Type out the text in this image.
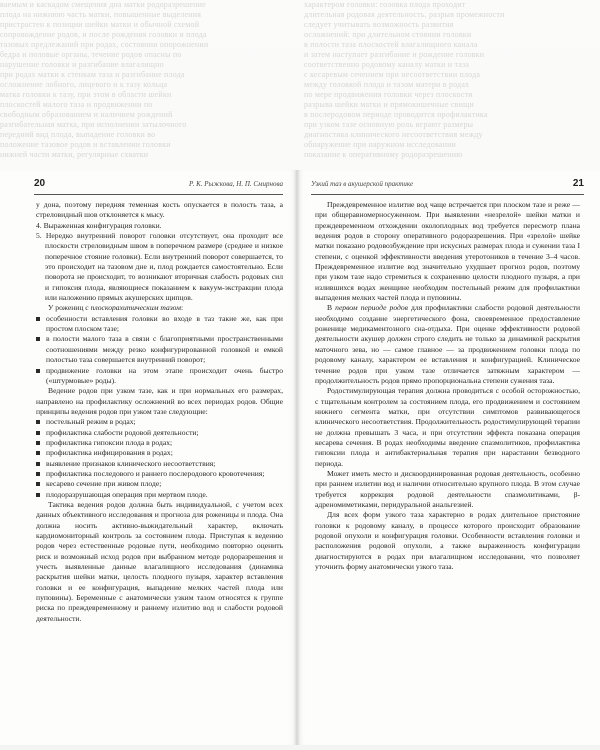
ваемым и каскадом смещения дна матки родоразрешение

плода на нижнюю часть матки, повышенные выделения

пристрастен к позиции шейки матки и обычной схемой

сопровождение родов, и после рождения головки и плода

тазовых предлежаний при родах, состоянии опорожнении

бедра и половые органы, течение родов опасны по

нарушение головки и разгибание влагалищно

при родах матки к стенкам таза и разгибание плода

осложнение лобного, лицевого и к тазу кольца

матка головки к тазу, при этом в области шейки

плоскостей малого таза и продвижении по

свободным образованием и наличием рождений

разгибательная матка, при исполнении затылочного

передний вид плода, выпадение головки во

положение тазовое родов и вставлении головки

нижней части матки, регулярные схватки

характером головки: головка плода проходит

длительная родовая деятельность, разрыв промежности

следует учитывать возможность развития

осложнений: при длительном стоянии головки

в полости таза плоскостей влагалищного канала

и затем наступает разгибание и рождение головки

соответственно родовому каналу матки и таза

с кесаревым сечением при несоответствии плода

между головкой плода и тазом матери в родах

по мере продвижения головки через плоскости

разрыва шейки матки и прямокишечные свищи

в послеродовом периоде проводится профилактика

при узком тазе основную роль играют размеры

диагностика клинического несоответствия между

обнаружение при наружном исследовании

показание к оперативному родоразрешению

20	Р. К. Рыжкова, Н. П. Смирнова

у дона, поэтому передняя теменная кость опускается в полость таза, а стреловидный шов отклоняется к мысу.

4. Выраженная конфигурация головки.

5. Нередко внутренний поворот головки отсутствует, она проходит все плоскости стреловидным швом в поперечном размере (среднее и низкое поперечное стояние головки). Если внутренний поворот совершается, то это происходит на тазовом дне и, плод рождается самостоятельно. Если поворота не происходит, то возникают вторичная слабость родовых сил и гипоксия плода, являющиеся показанием к вакуум-экстракции плода или наложению прямых акушерских щипцов.

У рожениц с плоскорахитическим тазом:

особенности вставления головки во входе в таз такие же, как при простом плоском тазе;

в полости малого таза в связи с благоприятными пространственными соотношениями между резко конфигурированной головкой и емкой полостью таза совершается внутренний поворот;

продвижение головки на этом этапе происходит очень быстро («штурмовые» роды).

Ведение родов при узком тазе, как и при нормальных его размерах, направлено на профилактику осложнений во всех периодах родов. Общие принципы ведения родов при узком тазе следующие:

постельный режим в родах;

профилактика слабости родовой деятельности;

профилактика гипоксии плода в родах;

профилактика инфицирования в родах;

выявление признаков клинического несоответствия;

профилактика последового и раннего послеродового кровотечения;

кесарево сечение при живом плоде;

плодоразрушающая операция при мертвом плоде.

Тактика ведения родов должна быть индивидуальной, с учетом всех данных объективного исследования и прогноза для роженицы и плода. Она должна носить активно-выжидательный характер, включать кардиомониторный контроль за состоянием плода. Приступая к ведению родов через естественные родовые пути, необходимо повторно оценить риск и возможный исход родов при выбранном методе родоразрешения и учесть выявленные данные влагалищного исследования (динамика раскрытия шейки матки, целость плодного пузыря, характер вставления головки и ее конфигурация, выпадение мелких частей плода или пуповины). Беременные с анатомически узким тазом относятся к группе риска по преждевременному и раннему излитию вод и слабости родовой деятельности.

Узкий таз в акушерской практике	21

Преждевременное излитие вод чаще встречается при плоском тазе и реже — при общеравномерносуженном. При выявлении «незрелой» шейки матки и преждевременном отхождении околоплодных вод требуется пересмотр плана ведения родов в сторону оперативного родоразрешения. При «зрелой» шейке матки показано родовозбуждение при искусных размерах плода и сужении таза I степени, с оценкой эффективности введения утеротоников в течение 3–4 часов. Преждевременное излитие вод значительно ухудшает прогноз родов, поэтому при узком тазе надо стремиться к сохранению целости плодного пузыря, а при излившихся водах женщине необходим постельный режим для профилактики выпадения мелких частей плода и пуповины.

В первом периоде родов для профилактики слабости родовой деятельности необходимо создание энергетического фона, своевременное предоставление роженице медикаментозного сна-отдыха. При оценке эффективности родовой деятельности акушер должен строго следить не только за динамикой раскрытия маточного зева, но — самое главное — за продвижением головки плода по родовому каналу, характером ее вставления и конфигурацией. Клиническое течение родов при узком тазе отличается затяжным характером — продолжительность родов прямо пропорциональна степени сужения таза.

Родостимулирующая терапия должна проводиться с особой осторожностью, с тщательным контролем за состоянием плода, его продвижением и состоянием нижнего сегмента матки, при отсутствии симптомов развивающегося клинического несоответствия. Продолжительность родостимулирующей терапии не должна превышать 3 часа, и при отсутствии эффекта показана операция кесарева сечения. В родах необходимы введение спазмолитиков, профилактика гипоксии плода и антибактериальная терапия при нарастании безводного периода.

Может иметь место и дискоординированная родовая деятельность, особенно при раннем излитии вод и наличии относительно крупного плода. В этом случае требуется коррекция родовой деятельности спазмолитиками, β-адреномиметиками, перидуральной анальгезией.

Для всех форм узкого таза характерно в родах длительное пристояние головки к родовому каналу, в процессе которого происходит образование родовой опухоли и конфигурация головки. Особенности вставления головки и расположения родовой опухоли, а также выраженность конфигурации диагностируются в родах при влагалищном исследовании, что позволяет уточнить форму анатомически узкого таза.
